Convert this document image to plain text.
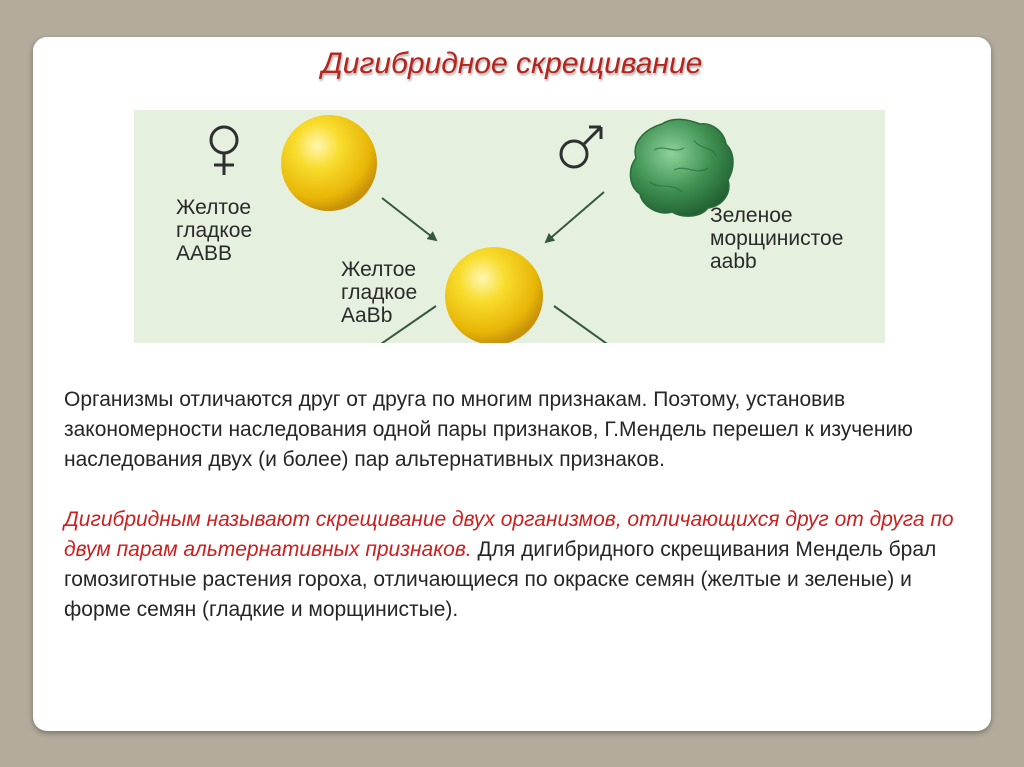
Дигибридное скрещивание
Желтое
гладкое
AABB
Зеленое
морщинистое
aabb
Желтое
гладкое
AaBb

Организмы отличаются друг от друга по многим признакам. Поэтому, установив закономерности наследования одной пары признаков, Г.Мендель перешел к изучению наследования двух (и более) пар альтернативных признаков.

Дигибридным называют скрещивание двух организмов, отличающихся друг от друга по двум парам альтернативных признаков. Для дигибридного скрещивания Мендель брал гомозиготные растения гороха, отличающиеся по окраске семян (желтые и зеленые) и форме семян (гладкие и морщинистые).
